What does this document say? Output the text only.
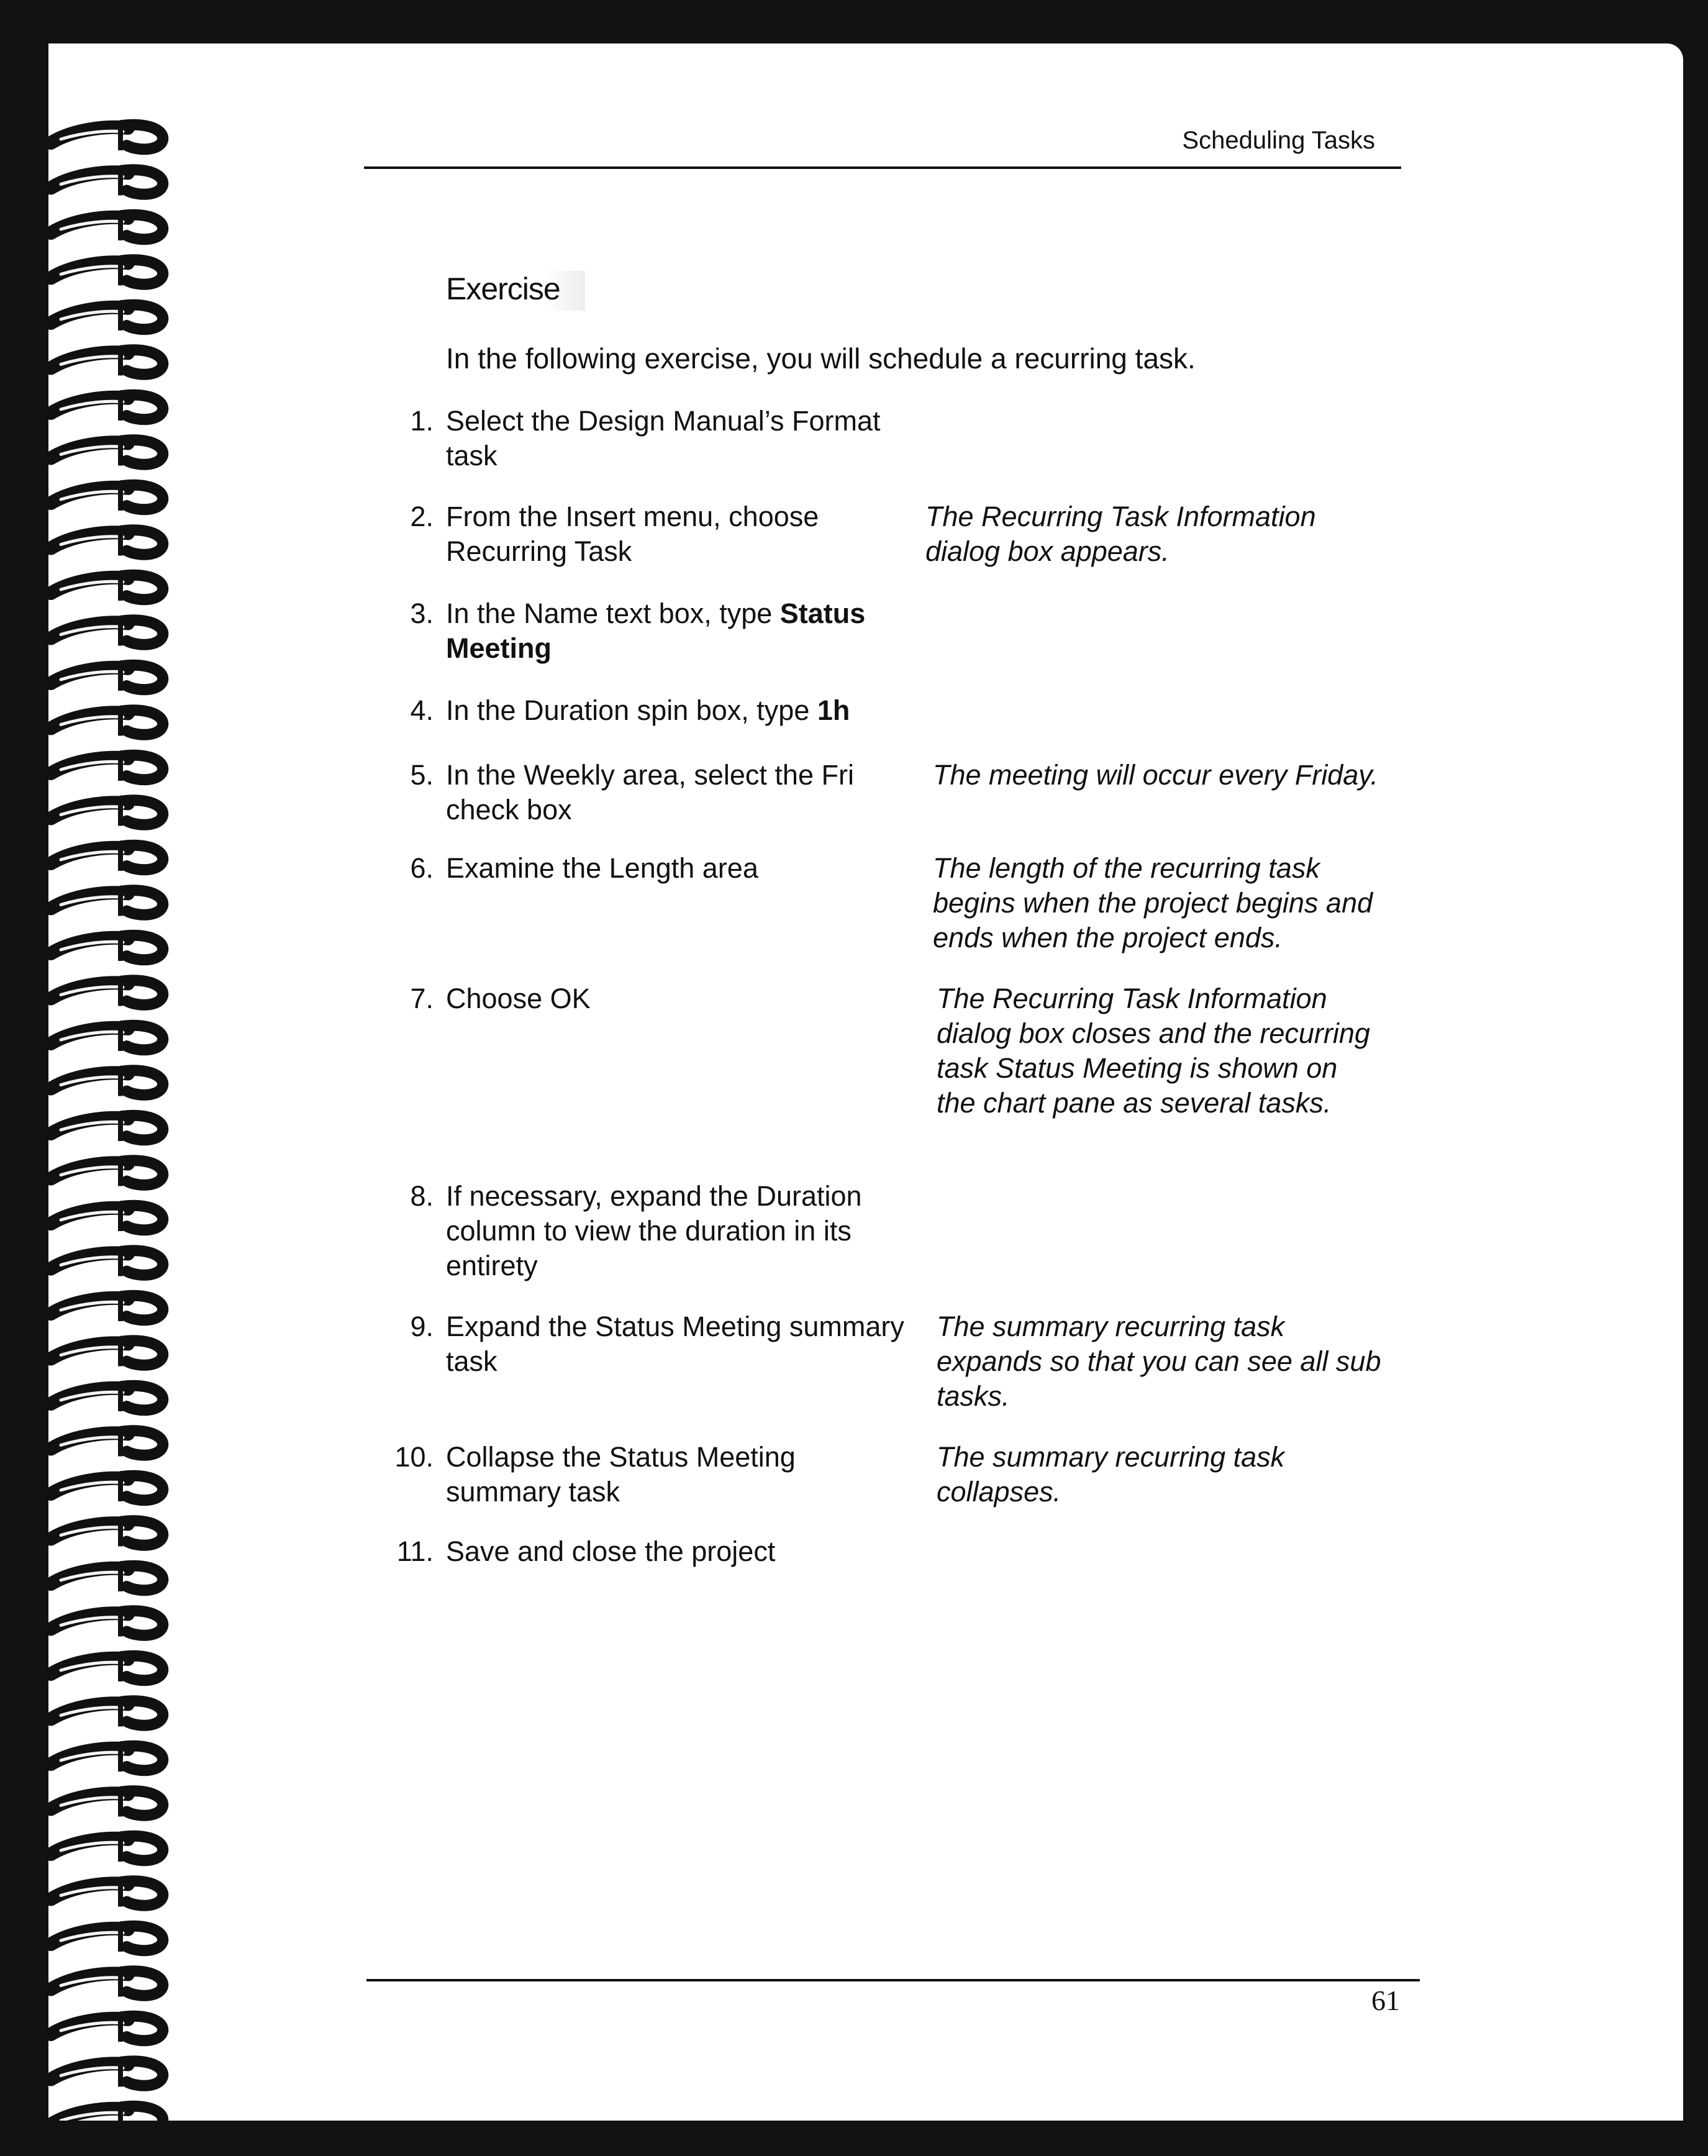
Scheduling Tasks
Exercise
In the following exercise, you will schedule a recurring task.
1. Select the Design Manual’s Format task
2. From the Insert menu, choose Recurring Task
The Recurring Task Information dialog box appears.
3. In the Name text box, type Status Meeting
4. In the Duration spin box, type 1h
5. In the Weekly area, select the Fri check box
The meeting will occur every Friday.
6. Examine the Length area	The length of the recurring task begins when the project begins and ends when the project ends.
7. Choose OK	The Recurring Task Information dialog box closes and the recurring task Status Meeting is shown on the chart pane as several tasks.
8. If necessary, expand the Duration column to view the duration in its entirety
9. Expand the Status Meeting summary task
The summary recurring task expands so that you can see all sub tasks.
10. Collapse the Status Meeting summary task
The summary recurring task collapses.
11. Save and close the project
61
